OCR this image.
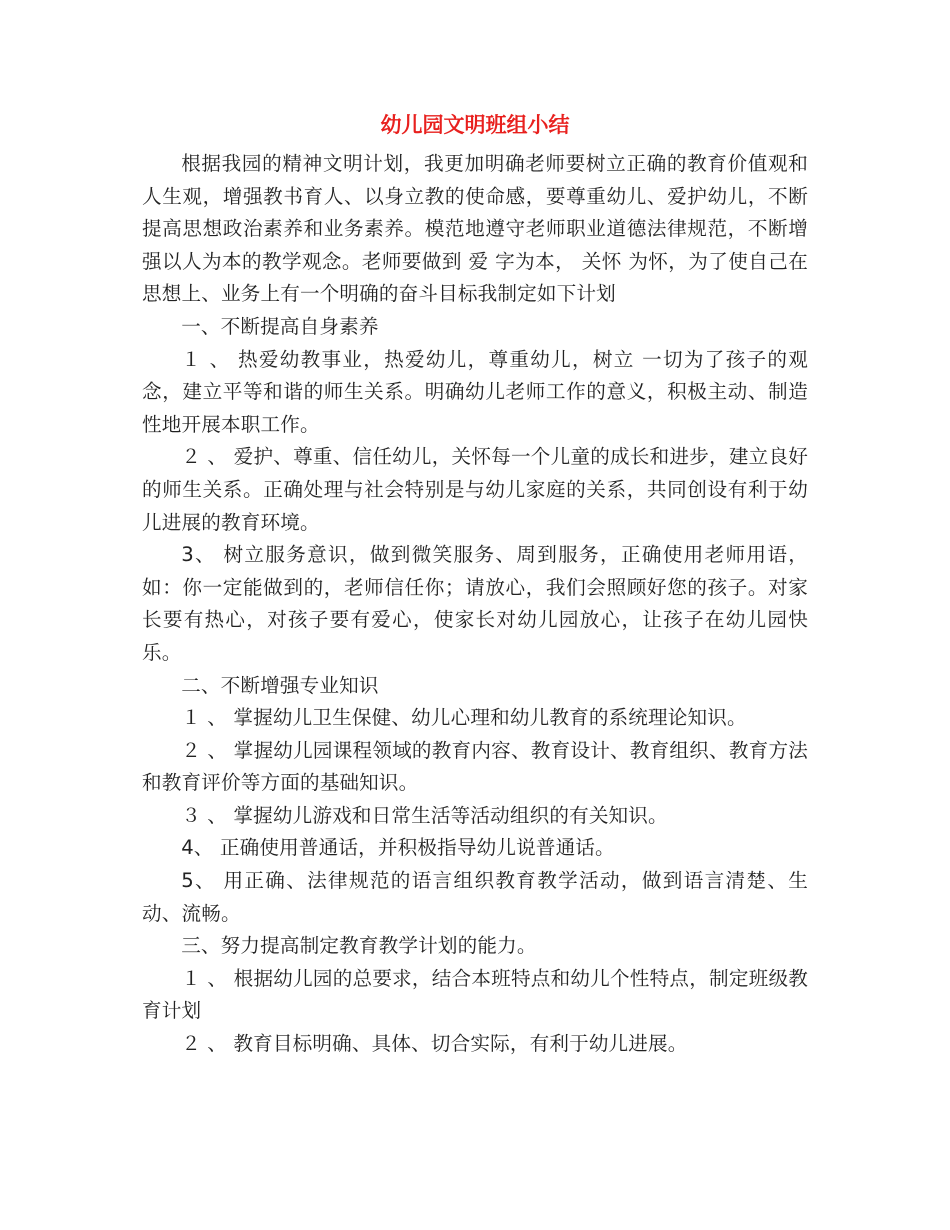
幼儿园文明班组小结

根据我园的精神文明计划，我更加明确老师要树立正确的教育价值观和人生观，增强教书育人、以身立教的使命感，要尊重幼儿、爱护幼儿，不断提高思想政治素养和业务素养。模范地遵守老师职业道德法律规范，不断增强以人为本的教学观念。老师要做到 爱 字为本， 关怀 为怀，为了使自己在思想上、业务上有一个明确的奋斗目标我制定如下计划

一、不断提高自身素养

１ 、 热爱幼教事业，热爱幼儿，尊重幼儿，树立 一切为了孩子的观念，建立平等和谐的师生关系。明确幼儿老师工作的意义，积极主动、制造性地开展本职工作。

２ 、 爱护、尊重、信任幼儿，关怀每一个儿童的成长和进步，建立良好的师生关系。正确处理与社会特别是与幼儿家庭的关系，共同创设有利于幼儿进展的教育环境。

3、 树立服务意识，做到微笑服务、周到服务，正确使用老师用语，如：你一定能做到的，老师信任你；请放心，我们会照顾好您的孩子。对家长要有热心，对孩子要有爱心，使家长对幼儿园放心，让孩子在幼儿园快乐。

二、不断增强专业知识

１ 、 掌握幼儿卫生保健、幼儿心理和幼儿教育的系统理论知识。

２ 、 掌握幼儿园课程领域的教育内容、教育设计、教育组织、教育方法和教育评价等方面的基础知识。

３ 、 掌握幼儿游戏和日常生活等活动组织的有关知识。

4、 正确使用普通话，并积极指导幼儿说普通话。

5、 用正确、法律规范的语言组织教育教学活动，做到语言清楚、生动、流畅。

三、努力提高制定教育教学计划的能力。

１ 、 根据幼儿园的总要求，结合本班特点和幼儿个性特点，制定班级教育计划

２ 、 教育目标明确、具体、切合实际，有利于幼儿进展。
